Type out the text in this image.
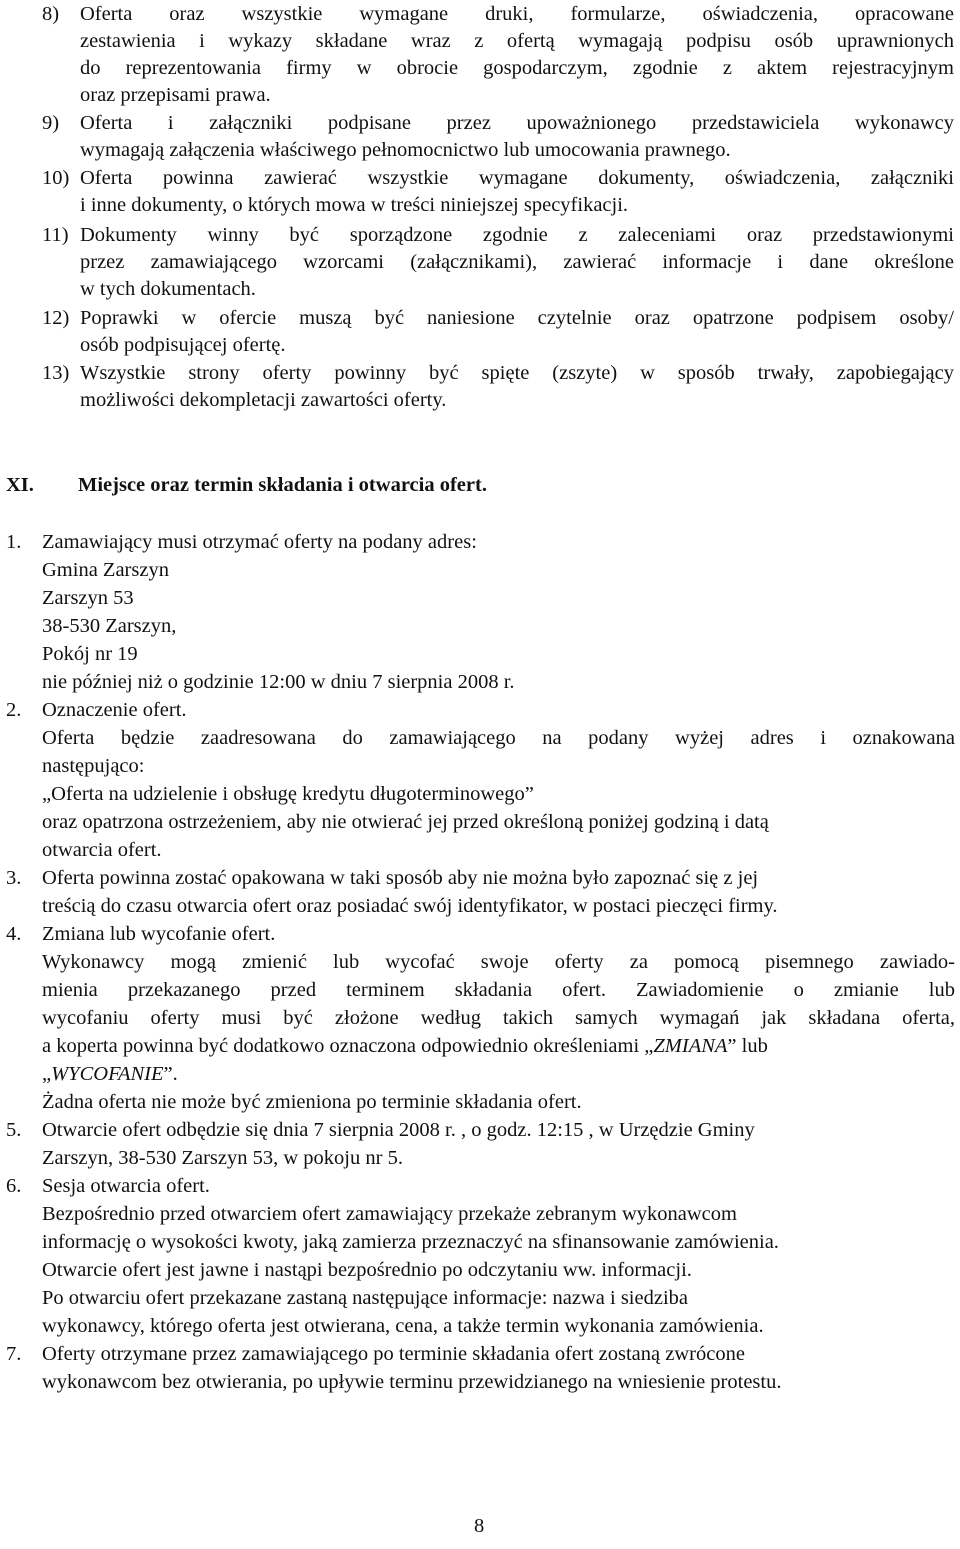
8) Oferta oraz wszystkie wymagane druki, formularze, oświadczenia, opracowane
zestawienia i wykazy składane wraz z ofertą wymagają podpisu osób uprawnionych
do reprezentowania firmy w obrocie gospodarczym, zgodnie z aktem rejestracyjnym
oraz przepisami prawa.
9) Oferta i załączniki podpisane przez upoważnionego przedstawiciela wykonawcy
wymagają załączenia właściwego pełnomocnictwo lub umocowania prawnego.
10) Oferta powinna zawierać wszystkie wymagane dokumenty, oświadczenia, załączniki
i inne dokumenty, o których mowa w treści niniejszej specyfikacji.
11) Dokumenty winny być sporządzone zgodnie z zaleceniami oraz przedstawionymi
przez zamawiającego wzorcami (załącznikami), zawierać informacje i dane określone
w tych dokumentach.
12) Poprawki w ofercie muszą być naniesione czytelnie oraz opatrzone podpisem osoby/
osób podpisującej ofertę.
13) Wszystkie strony oferty powinny być spięte (zszyte) w sposób trwały, zapobiegający
możliwości dekompletacji zawartości oferty.
XI. Miejsce oraz termin składania i otwarcia ofert.
1. Zamawiający musi otrzymać oferty na podany adres:
Gmina Zarszyn
Zarszyn 53
38-530 Zarszyn,
Pokój nr 19
nie później niż o godzinie 12:00 w dniu 7 sierpnia 2008 r.
2. Oznaczenie ofert.
Oferta będzie zaadresowana do zamawiającego na podany wyżej adres i oznakowana
następująco:
„Oferta na udzielenie i obsługę kredytu długoterminowego”
oraz opatrzona ostrzeżeniem, aby nie otwierać jej przed określoną poniżej godziną i datą
otwarcia ofert.
3. Oferta powinna zostać opakowana w taki sposób aby nie można było zapoznać się z jej
treścią do czasu otwarcia ofert oraz posiadać swój identyfikator, w postaci pieczęci firmy.
4. Zmiana lub wycofanie ofert.
Wykonawcy mogą zmienić lub wycofać swoje oferty za pomocą pisemnego zawiado-
mienia przekazanego przed terminem składania ofert. Zawiadomienie o zmianie lub
wycofaniu oferty musi być złożone według takich samych wymagań jak składana oferta,
a koperta powinna być dodatkowo oznaczona odpowiednio określeniami „ZMIANA” lub
„WYCOFANIE”.
Żadna oferta nie może być zmieniona po terminie składania ofert.
5. Otwarcie ofert odbędzie się dnia 7 sierpnia 2008 r. , o godz. 12:15 , w Urzędzie Gminy
Zarszyn, 38-530 Zarszyn 53, w pokoju nr 5.
6. Sesja otwarcia ofert.
Bezpośrednio przed otwarciem ofert zamawiający przekaże zebranym wykonawcom
informację o wysokości kwoty, jaką zamierza przeznaczyć na sfinansowanie zamówienia.
Otwarcie ofert jest jawne i nastąpi bezpośrednio po odczytaniu ww. informacji.
Po otwarciu ofert przekazane zastaną następujące informacje: nazwa i siedziba
wykonawcy, którego oferta jest otwierana, cena, a także termin wykonania zamówienia.
7. Oferty otrzymane przez zamawiającego po terminie składania ofert zostaną zwrócone
wykonawcom bez otwierania, po upływie terminu przewidzianego na wniesienie protestu.
8
